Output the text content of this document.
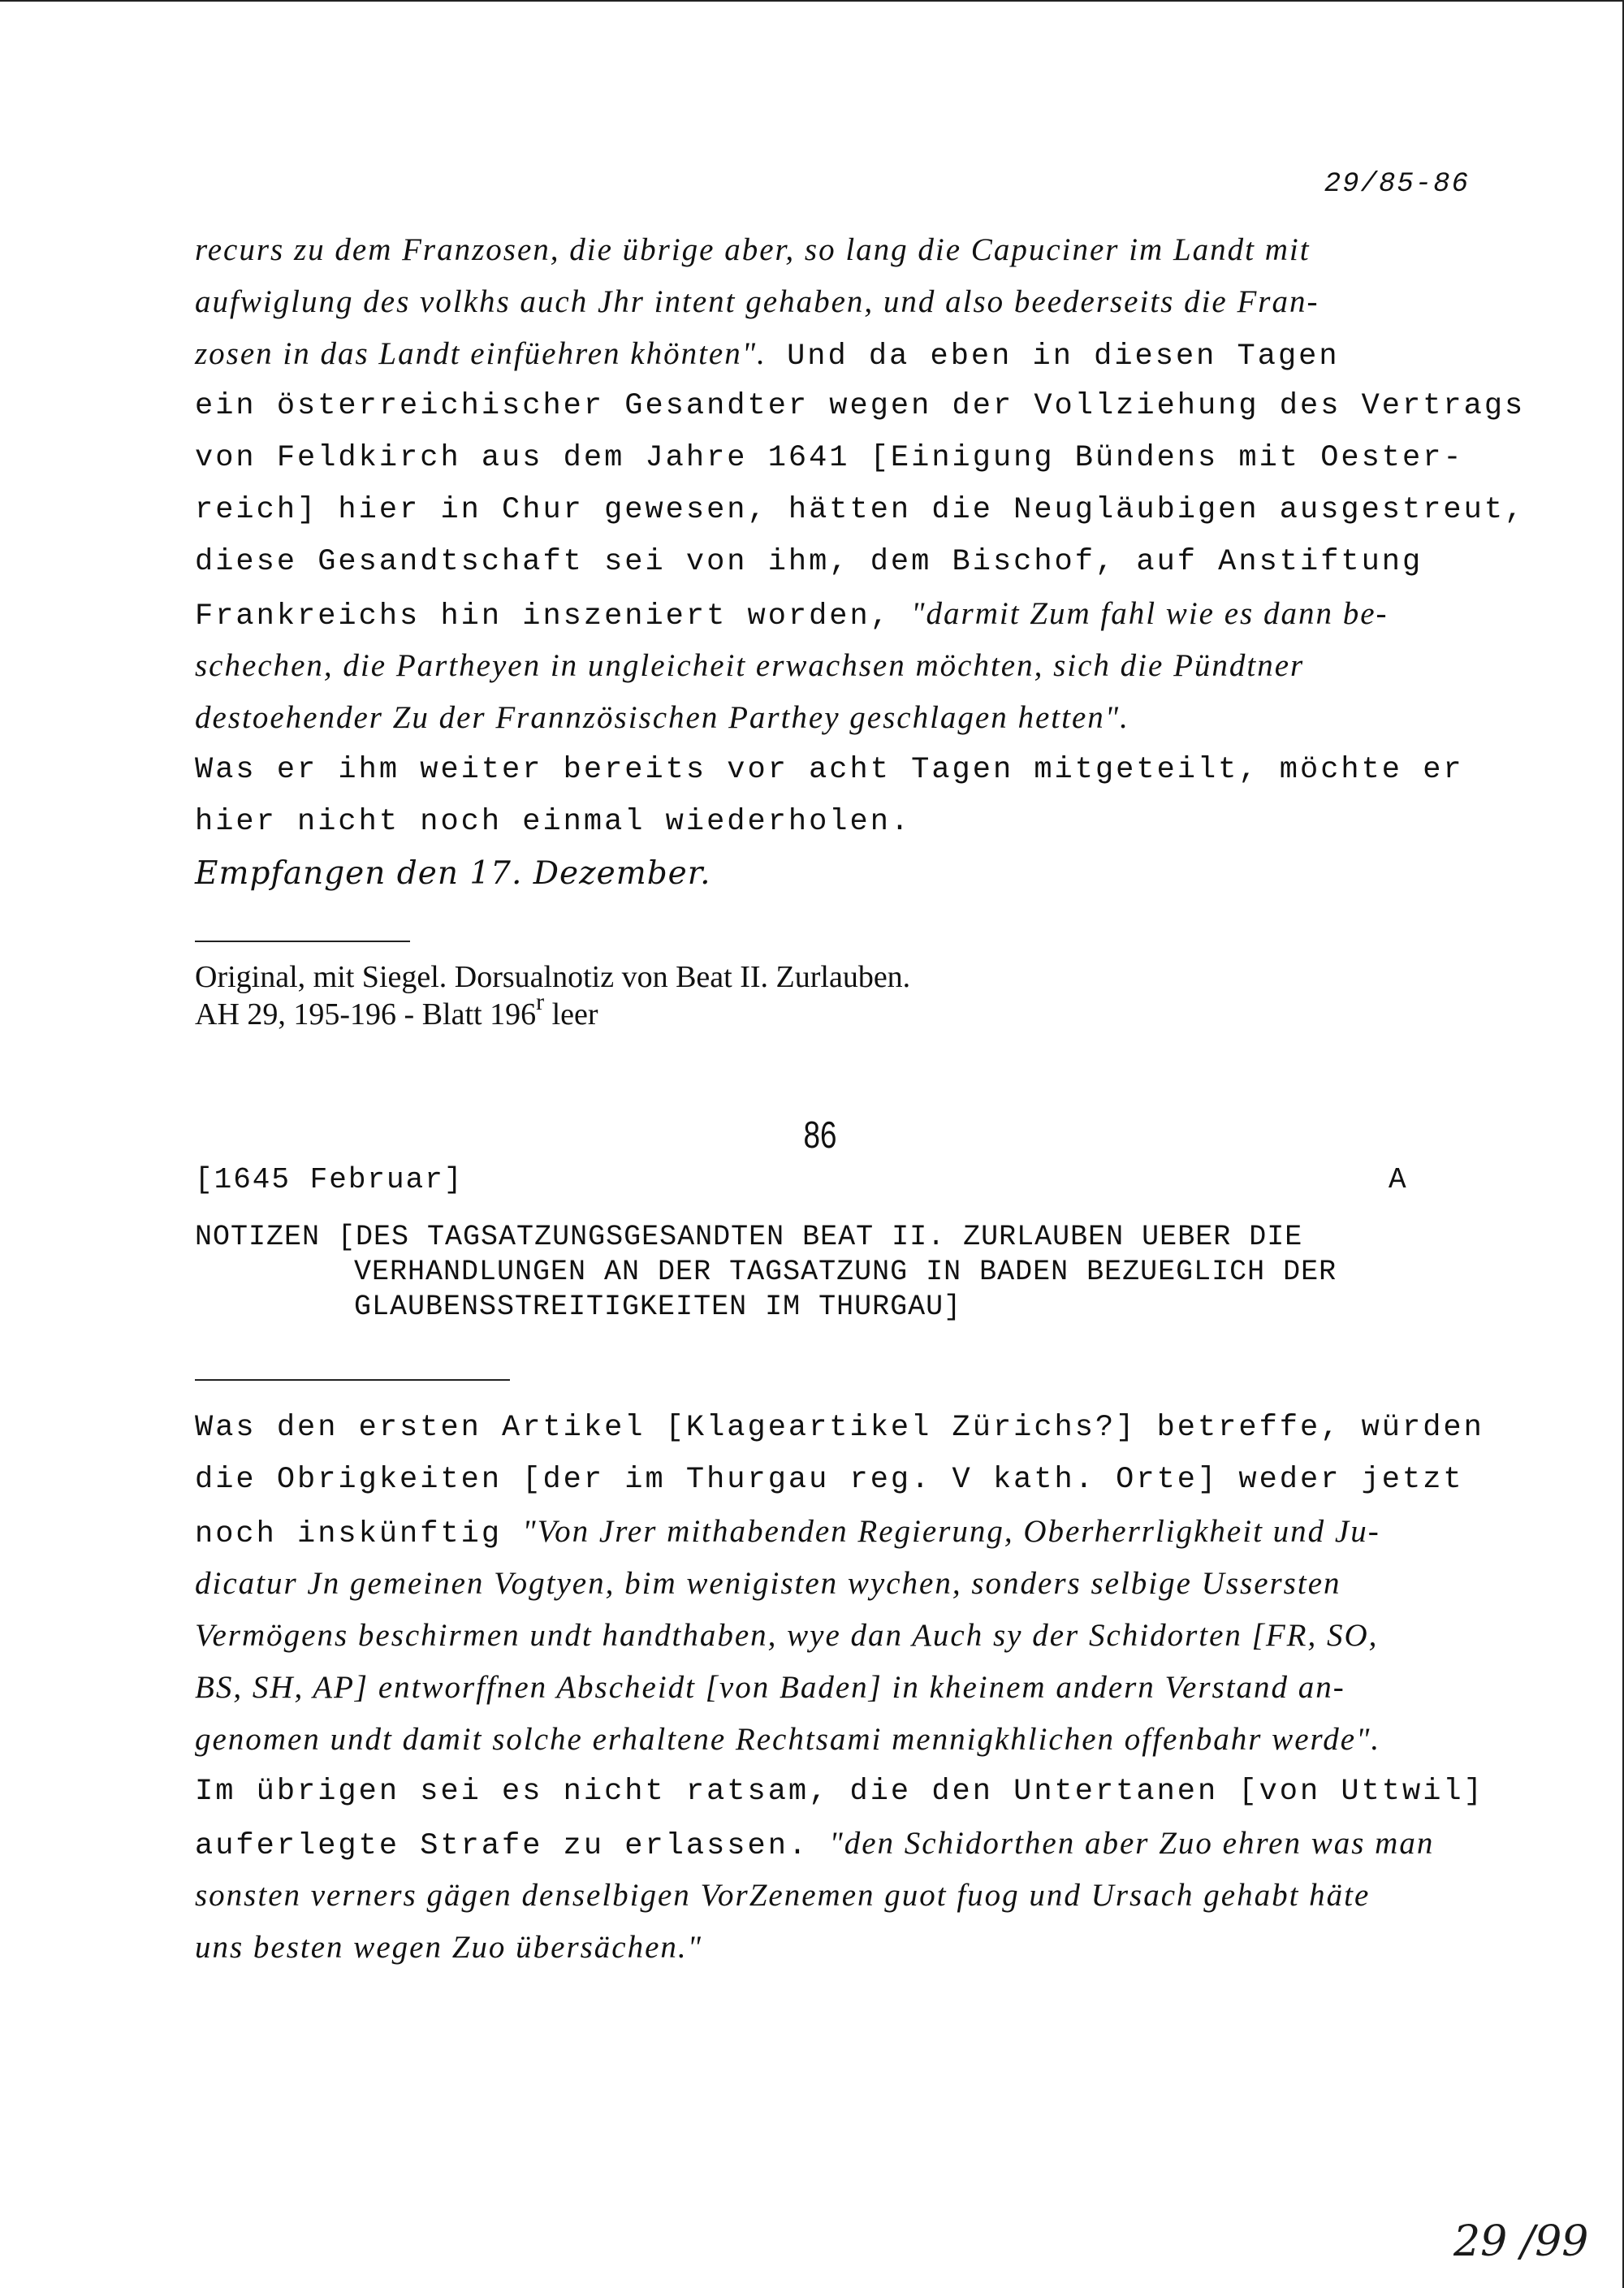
29/85-86
recurs zu dem Franzosen, die übrige aber, so lang die Capuciner im Landt mit
aufwiglung des volkhs auch Jhr intent gehaben, und also beederseits die Fran-
zosen in das Landt einfüehren khönten". Und da eben in diesen Tagen
ein österreichischer Gesandter wegen der Vollziehung des Vertrags
von Feldkirch aus dem Jahre 1641 [Einigung Bündens mit Oester-
reich] hier in Chur gewesen, hätten die Neugläubigen ausgestreut,
diese Gesandtschaft sei von ihm, dem Bischof, auf Anstiftung
Frankreichs hin inszeniert worden, "darmit Zum fahl wie es dann be-
schechen, die Partheyen in ungleicheit erwachsen möchten, sich die Pündtner
destoehender Zu der Frannzösischen Parthey geschlagen hetten".
Was er ihm weiter bereits vor acht Tagen mitgeteilt, möchte er
hier nicht noch einmal wiederholen.
Empfangen den 17. Dezember.
Original, mit Siegel. Dorsualnotiz von Beat II. Zurlauben.
AH 29, 195-196 - Blatt 196$^r$ leer
86
[1645 Februar]	A
NOTIZEN [DES TAGSATZUNGSGESANDTEN BEAT II. ZURLAUBEN UEBER DIE
VERHANDLUNGEN AN DER TAGSATZUNG IN BADEN BEZUEGLICH DER
GLAUBENSSTREITIGKEITEN IM THURGAU]
Was den ersten Artikel [Klageartikel Zürichs?] betreffe, würden
die Obrigkeiten [der im Thurgau reg. V kath. Orte] weder jetzt
noch inskünftig "Von Jrer mithabenden Regierung, Oberherrligkheit und Ju-
dicatur Jn gemeinen Vogtyen, bim wenigisten wychen, sonders selbige Ussersten
Vermögens beschirmen undt handthaben, wye dan Auch sy der Schidorten [FR, SO,
BS, SH, AP] entworffnen Abscheidt [von Baden] in kheinem andern Verstand an-
genomen undt damit solche erhaltene Rechtsami mennigkhlichen offenbahr werde".
Im übrigen sei es nicht ratsam, die den Untertanen [von Uttwil]
auferlegte Strafe zu erlassen. "den Schidorthen aber Zuo ehren was man
sonsten verners gägen denselbigen VorZenemen guot fuog und Ursach gehabt häte
uns besten wegen Zuo übersächen."
29 /99
